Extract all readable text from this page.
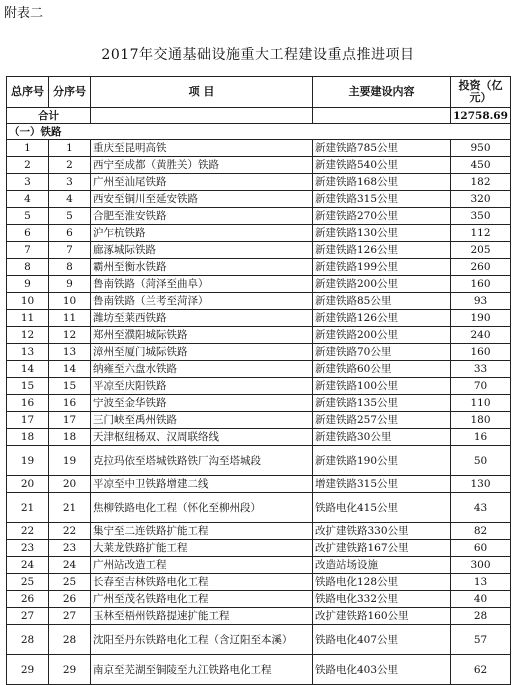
附表二
2017年交通基础设施重大工程建设重点推进项目
总序号	分序号	项 目	主要建设内容	投资（亿元）
合计				12758.69
（一）铁路				
1	1	重庆至昆明高铁	新建铁路785公里	950
2	2	西宁至成都（黄胜关）铁路	新建铁路540公里	450
3	3	广州至汕尾铁路	新建铁路168公里	182
4	4	西安至铜川至延安铁路	新建铁路315公里	320
5	5	合肥至淮安铁路	新建铁路270公里	350
6	6	沪乍杭铁路	新建铁路130公里	112
7	7	廊涿城际铁路	新建铁路126公里	205
8	8	霸州至衡水铁路	新建铁路199公里	260
9	9	鲁南铁路（菏泽至曲阜）	新建铁路200公里	160
10	10	鲁南铁路（兰考至菏泽）	新建铁路85公里	93
11	11	潍坊至莱西铁路	新建铁路126公里	190
12	12	郑州至濮阳城际铁路	新建铁路200公里	240
13	13	漳州至厦门城际铁路	新建铁路70公里	160
14	14	纳雍至六盘水铁路	新建铁路60公里	33
15	15	平凉至庆阳铁路	新建铁路100公里	70
16	16	宁波至金华铁路	新建铁路135公里	110
17	17	三门峡至禹州铁路	新建铁路257公里	180
18	18	天津枢纽杨双、汉周联络线	新建铁路30公里	16
19	19	克拉玛依至塔城铁路铁厂沟至塔城段	新建铁路190公里	50
20	20	平凉至中卫铁路增建二线	增建铁路315公里	130
21	21	焦柳铁路电化工程（怀化至柳州段）	铁路电化415公里	43
22	22	集宁至二连铁路扩能工程	改扩建铁路330公里	82
23	23	大莱龙铁路扩能工程	改扩建铁路167公里	60
24	24	广州站改造工程	改造站场设施	300
25	25	长春至吉林铁路电化工程	铁路电化128公里	13
26	26	广州至茂名铁路电化工程	铁路电化332公里	40
27	27	玉林至梧州铁路提速扩能工程	改扩建铁路160公里	28
28	28	沈阳至丹东铁路电化工程（含辽阳至本溪）	铁路电化407公里	57
29	29	南京至芜湖至铜陵至九江铁路电化工程	铁路电化403公里	62
